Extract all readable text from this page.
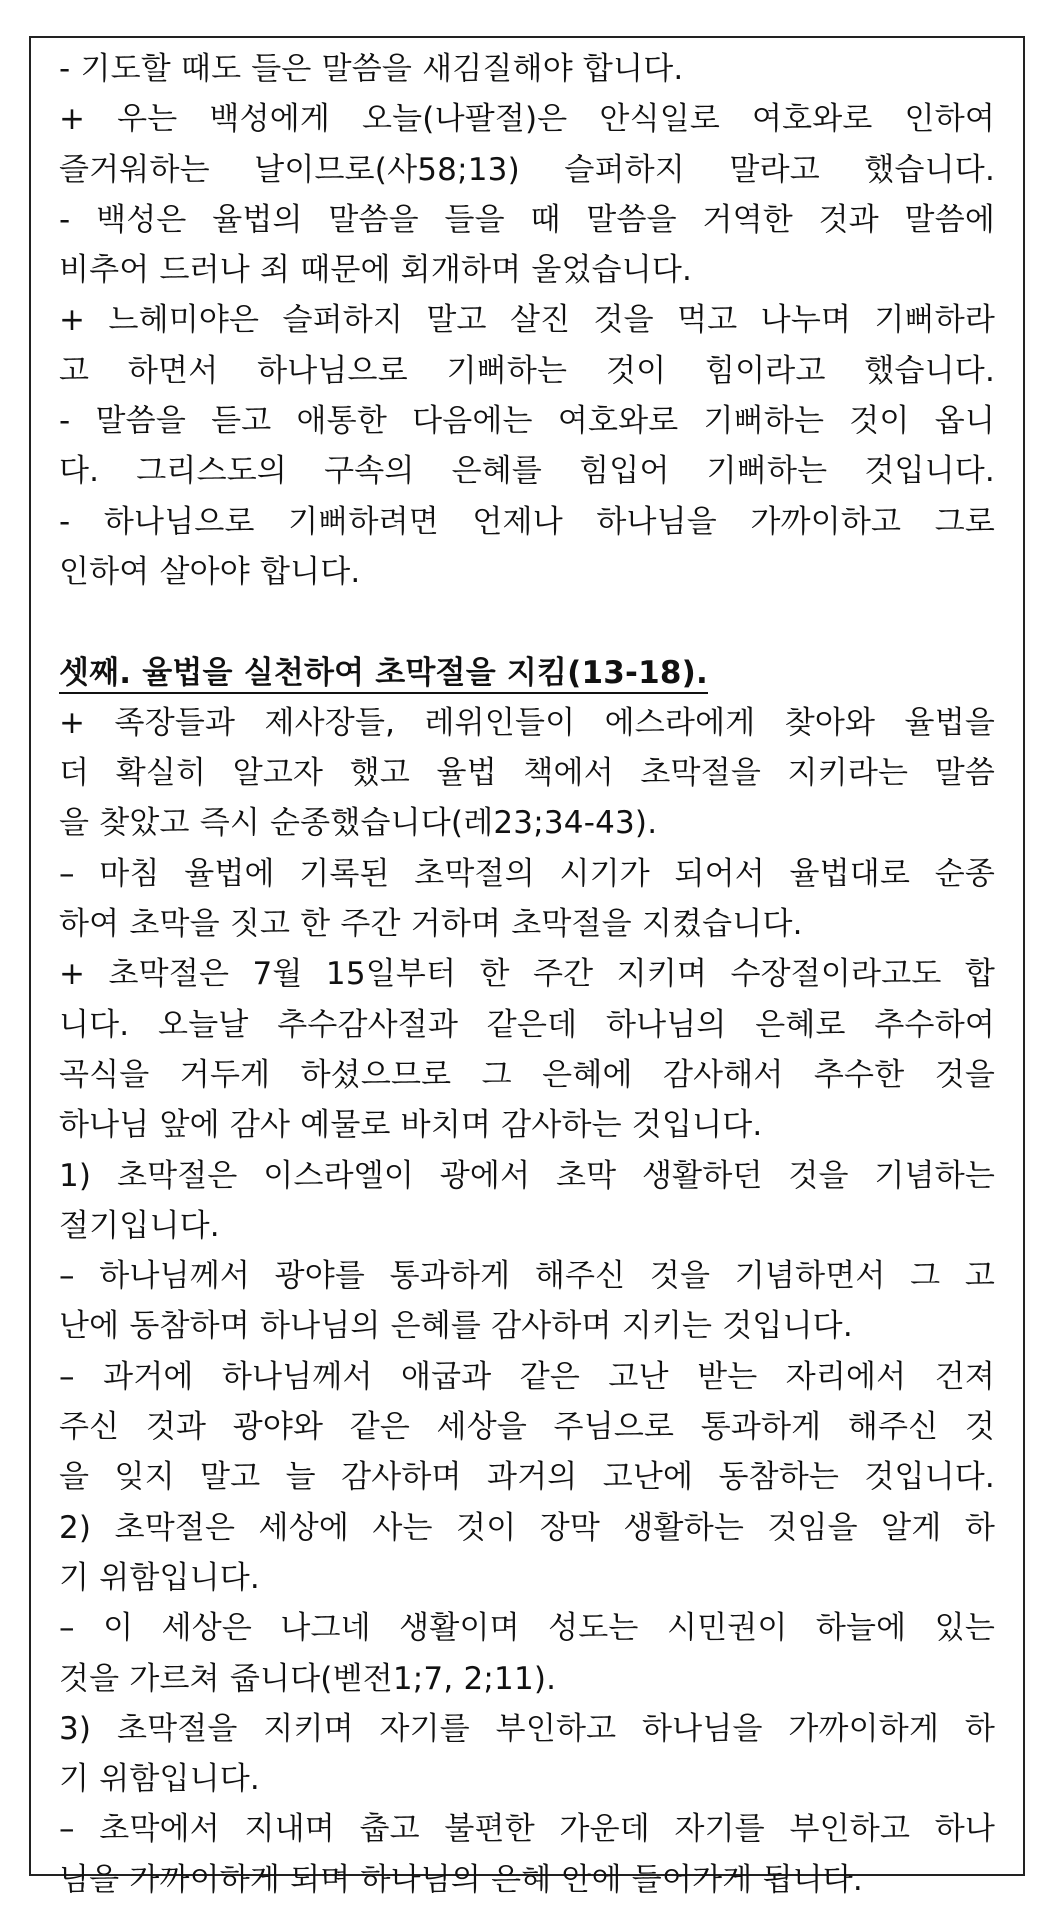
- 기도할 때도 들은 말씀을 새김질해야 합니다.
+ 우는 백성에게 오늘(나팔절)은 안식일로 여호와로 인하여
즐거워하는 날이므로(사58;13) 슬퍼하지 말라고 했습니다.
- 백성은 율법의 말씀을 들을 때 말씀을 거역한 것과 말씀에
비추어 드러나 죄 때문에 회개하며 울었습니다.
+ 느헤미야은 슬퍼하지 말고 살진 것을 먹고 나누며 기뻐하라
고 하면서 하나님으로 기뻐하는 것이 힘이라고 했습니다.
- 말씀을 듣고 애통한 다음에는 여호와로 기뻐하는 것이 옵니
다. 그리스도의 구속의 은혜를 힘입어 기뻐하는 것입니다.
- 하나님으로 기뻐하려면 언제나 하나님을 가까이하고 그로
인하여 살아야 합니다.
셋째. 율법을 실천하여 초막절을 지킴(13-18).
+ 족장들과 제사장들, 레위인들이 에스라에게 찾아와 율법을
더 확실히 알고자 했고 율법 책에서 초막절을 지키라는 말씀
을 찾았고 즉시 순종했습니다(레23;34-43).
– 마침 율법에 기록된 초막절의 시기가 되어서 율법대로 순종
하여 초막을 짓고 한 주간 거하며 초막절을 지켰습니다.
+ 초막절은 7월 15일부터 한 주간 지키며 수장절이라고도 합
니다. 오늘날 추수감사절과 같은데 하나님의 은혜로 추수하여
곡식을 거두게 하셨으므로 그 은혜에 감사해서 추수한 것을
하나님 앞에 감사 예물로 바치며 감사하는 것입니다.
1) 초막절은 이스라엘이 광에서 초막 생활하던 것을 기념하는
절기입니다.
– 하나님께서 광야를 통과하게 해주신 것을 기념하면서 그 고
난에 동참하며 하나님의 은혜를 감사하며 지키는 것입니다.
– 과거에 하나님께서 애굽과 같은 고난 받는 자리에서 건져
주신 것과 광야와 같은 세상을 주님으로 통과하게 해주신 것
을 잊지 말고 늘 감사하며 과거의 고난에 동참하는 것입니다.
2) 초막절은 세상에 사는 것이 장막 생활하는 것임을 알게 하
기 위함입니다.
– 이 세상은 나그네 생활이며 성도는 시민권이 하늘에 있는
것을 가르쳐 줍니다(벧전1;7, 2;11).
3) 초막절을 지키며 자기를 부인하고 하나님을 가까이하게 하
기 위함입니다.
– 초막에서 지내며 춥고 불편한 가운데 자기를 부인하고 하나
님을 가까이하게 되며 하나님의 은혜 안에 들어가게 됩니다.
